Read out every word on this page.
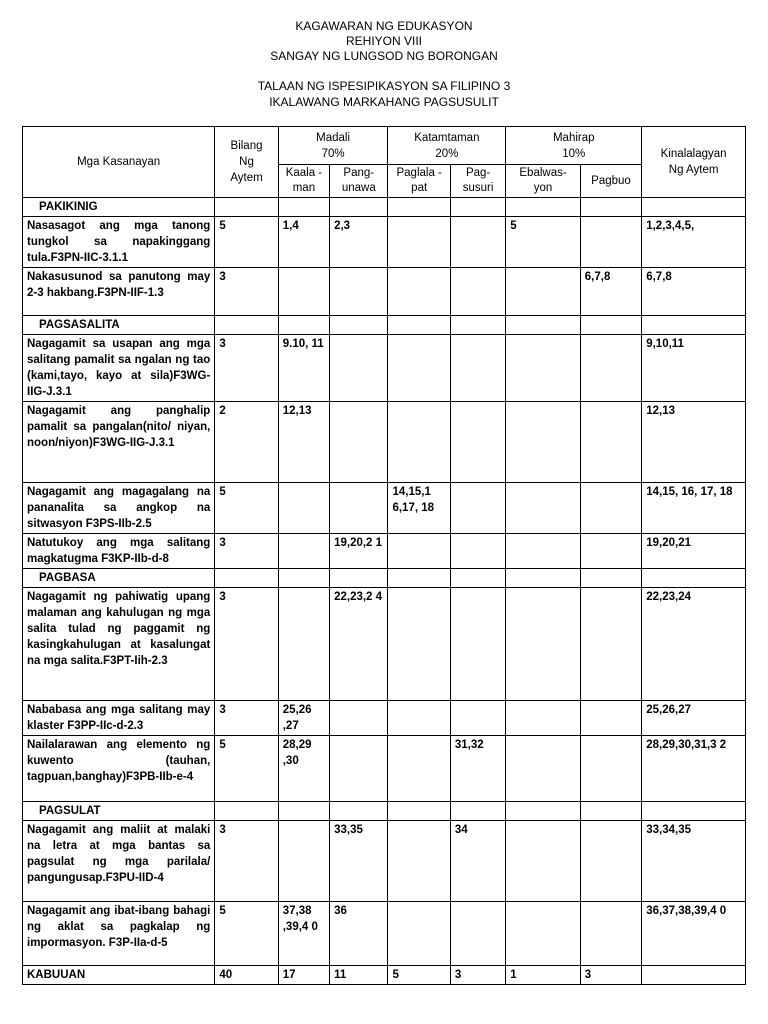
KAGAWARAN NG EDUKASYON
REHIYON VIII
SANGAY NG LUNGSOD NG BORONGAN
TALAAN NG ISPESIPIKASYON SA FILIPINO 3
IKALAWANG MARKAHANG PAGSUSULIT
Mga Kasanayan	Bilang Ng Aytem	Madali 70%		Katamtaman 20%		Mahirap 10%		Kinalalagyan Ng Aytem
		Kaala -man	Pang- unawa	Paglala -pat	Pag- susuri	Ebalwas- yon	Pagbuo	
PAKIKINIG								
Nasasagot ang mga tanong tungkol sa napakinggang tula.F3PN-IIC-3.1.1	5	1,4	2,3			5		1,2,3,4,5,
Nakasusunod sa panutong may 2-3 hakbang.F3PN-IIF-1.3	3						6,7,8	6,7,8
PAGSASALITA								
Nagagamit sa usapan ang mga salitang pamalit sa ngalan ng tao (kami,tayo, kayo at sila)F3WG-IIG-J.3.1	3	9.10, 11						9,10,11
Nagagamit ang panghalip pamalit sa pangalan(nito/ niyan, noon/niyon)F3WG-IIG-J.3.1	2	12,13						12,13
Nagagamit ang magagalang na pananalita sa angkop na sitwasyon F3PS-IIb-2.5	5			14,15,1 6,17, 18				14,15, 16, 17, 18
Natutukoy ang mga salitang magkatugma F3KP-IIb-d-8	3		19,20,2 1					19,20,21
PAGBASA								
Nagagamit ng pahiwatig upang malaman ang kahulugan ng mga salita tulad ng paggamit ng kasingkahulugan at kasalungat na mga salita.F3PT-Iih-2.3	3		22,23,2 4					22,23,24
Nababasa ang mga salitang may klaster F3PP-IIc-d-2.3	3	25,26 ,27						25,26,27
Nailalarawan ang elemento ng kuwento (tauhan, tagpuan,banghay)F3PB-IIb-e-4	5	28,29 ,30			31,32			28,29,30,31,3 2
PAGSULAT								
Nagagamit ang maliit at malaki na letra at mga bantas sa pagsulat ng mga parilala/ pangungusap.F3PU-IID-4	3		33,35		34			33,34,35
Nagagamit ang ibat-ibang bahagi ng aklat sa pagkalap ng impormasyon. F3P-IIa-d-5	5	37,38 ,39,4 0	36					36,37,38,39,4 0
KABUUAN	40	17	11	5	3	1	3	
